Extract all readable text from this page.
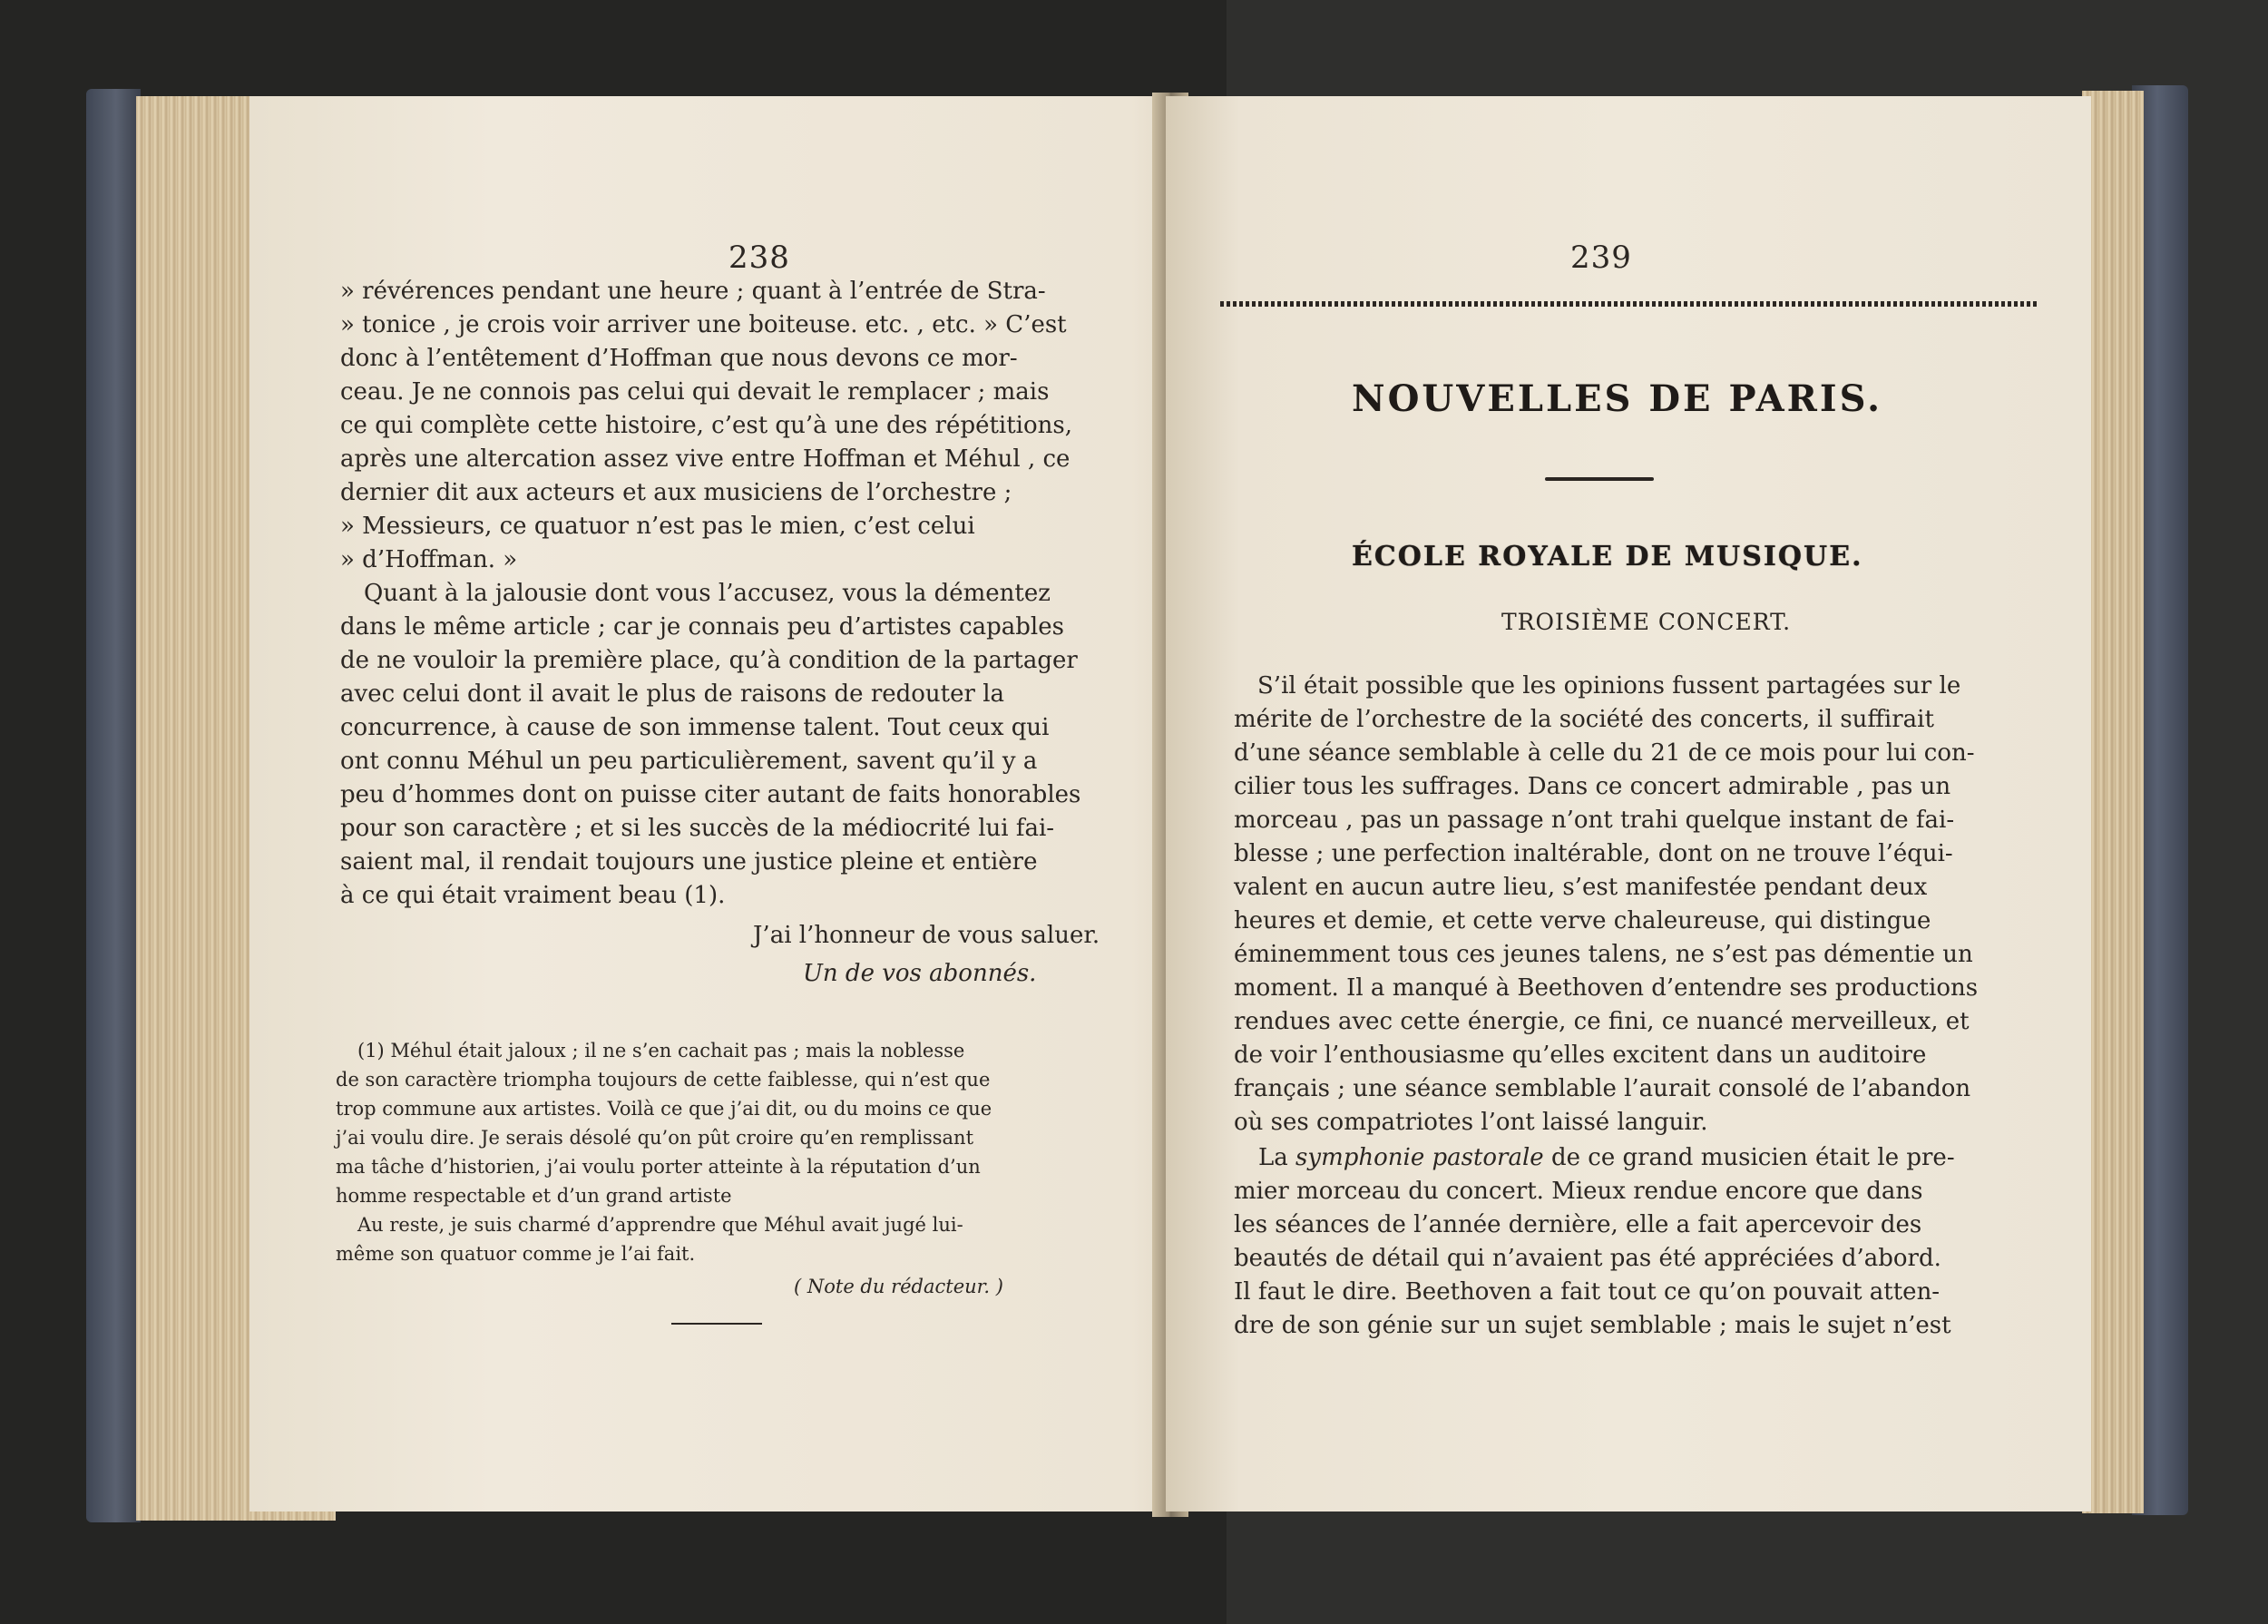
238
» révérences pendant une heure ; quant à l’entrée de Stra-
» tonice , je crois voir arriver une boiteuse. etc. , etc. » C’est
donc à l’entêtement d’Hoffman que nous devons ce mor-
ceau. Je ne connois pas celui qui devait le remplacer ; mais
ce qui complète cette histoire, c’est qu’à une des répétitions,
après une altercation assez vive entre Hoffman et Méhul , ce
dernier dit aux acteurs et aux musiciens de l’orchestre ;
» Messieurs, ce quatuor n’est pas le mien, c’est celui
» d’Hoffman. »
Quant à la jalousie dont vous l’accusez, vous la démentez
dans le même article ; car je connais peu d’artistes capables
de ne vouloir la première place, qu’à condition de la partager
avec celui dont il avait le plus de raisons de redouter la
concurrence, à cause de son immense talent. Tout ceux qui
ont connu Méhul un peu particulièrement, savent qu’il y a
peu d’hommes dont on puisse citer autant de faits honorables
pour son caractère ; et si les succès de la médiocrité lui fai-
saient mal, il rendait toujours une justice pleine et entière
à ce qui était vraiment beau (1).
J’ai l’honneur de vous saluer.
Un de vos abonnés.
(1) Méhul était jaloux ; il ne s’en cachait pas ; mais la noblesse
de son caractère triompha toujours de cette faiblesse, qui n’est que
trop commune aux artistes. Voilà ce que j’ai dit, ou du moins ce que
j’ai voulu dire. Je serais désolé qu’on pût croire qu’en remplissant
ma tâche d’historien, j’ai voulu porter atteinte à la réputation d’un
homme respectable et d’un grand artiste
Au reste, je suis charmé d’apprendre que Méhul avait jugé lui-
même son quatuor comme je l’ai fait.
( Note du rédacteur. )
239
NOUVELLES DE PARIS.
ÉCOLE ROYALE DE MUSIQUE.
TROISIÈME CONCERT.
S’il était possible que les opinions fussent partagées sur le
mérite de l’orchestre de la société des concerts, il suffirait
d’une séance semblable à celle du 21 de ce mois pour lui con-
cilier tous les suffrages. Dans ce concert admirable , pas un
morceau , pas un passage n’ont trahi quelque instant de fai-
blesse ; une perfection inaltérable, dont on ne trouve l’équi-
valent en aucun autre lieu, s’est manifestée pendant deux
heures et demie, et cette verve chaleureuse, qui distingue
éminemment tous ces jeunes talens, ne s’est pas démentie un
moment. Il a manqué à Beethoven d’entendre ses productions
rendues avec cette énergie, ce fini, ce nuancé merveilleux, et
de voir l’enthousiasme qu’elles excitent dans un auditoire
français ; une séance semblable l’aurait consolé de l’abandon
où ses compatriotes l’ont laissé languir.
La symphonie pastorale de ce grand musicien était le pre-
mier morceau du concert. Mieux rendue encore que dans
les séances de l’année dernière, elle a fait apercevoir des
beautés de détail qui n’avaient pas été appréciées d’abord.
Il faut le dire. Beethoven a fait tout ce qu’on pouvait atten-
dre de son génie sur un sujet semblable ; mais le sujet n’est
